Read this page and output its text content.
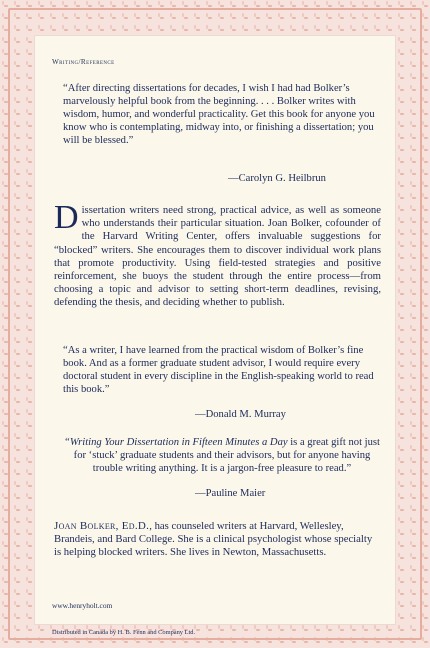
Writing/Reference

“After directing dissertations for decades, I wish I had had Bolker’s marvelously helpful book from the beginning. . . . Bolker writes with wisdom, humor, and wonderful practicality. Get this book for anyone you know who is contemplating, midway into, or finishing a dissertation; you will be blessed.”

—Carolyn G. Heilbrun

Dissertation writers need strong, practical advice, as well as someone who understands their particular situation. Joan Bolker, cofounder of the Harvard Writing Center, offers invaluable suggestions for “blocked” writers. She encourages them to discover individual work plans that promote productivity. Using field-tested strategies and positive reinforcement, she buoys the student through the entire process—from choosing a topic and advisor to setting short-term deadlines, revising, defending the thesis, and deciding whether to publish.

“As a writer, I have learned from the practical wisdom of Bolker’s fine book. And as a former graduate student advisor, I would require every doctoral student in every discipline in the English-speaking world to read this book.”

—Donald M. Murray

“Writing Your Dissertation in Fifteen Minutes a Day is a great gift not just for ‘stuck’ graduate students and their advisors, but for anyone having trouble writing anything. It is a jargon-free pleasure to read.”

—Pauline Maier

Joan Bolker, Ed.D., has counseled writers at Harvard, Wellesley, Brandeis, and Bard College. She is a clinical psychologist whose specialty is helping blocked writers. She lives in Newton, Massachusetts.

www.henryholt.com
Distributed in Canada by H. B. Fenn and Company Ltd.
